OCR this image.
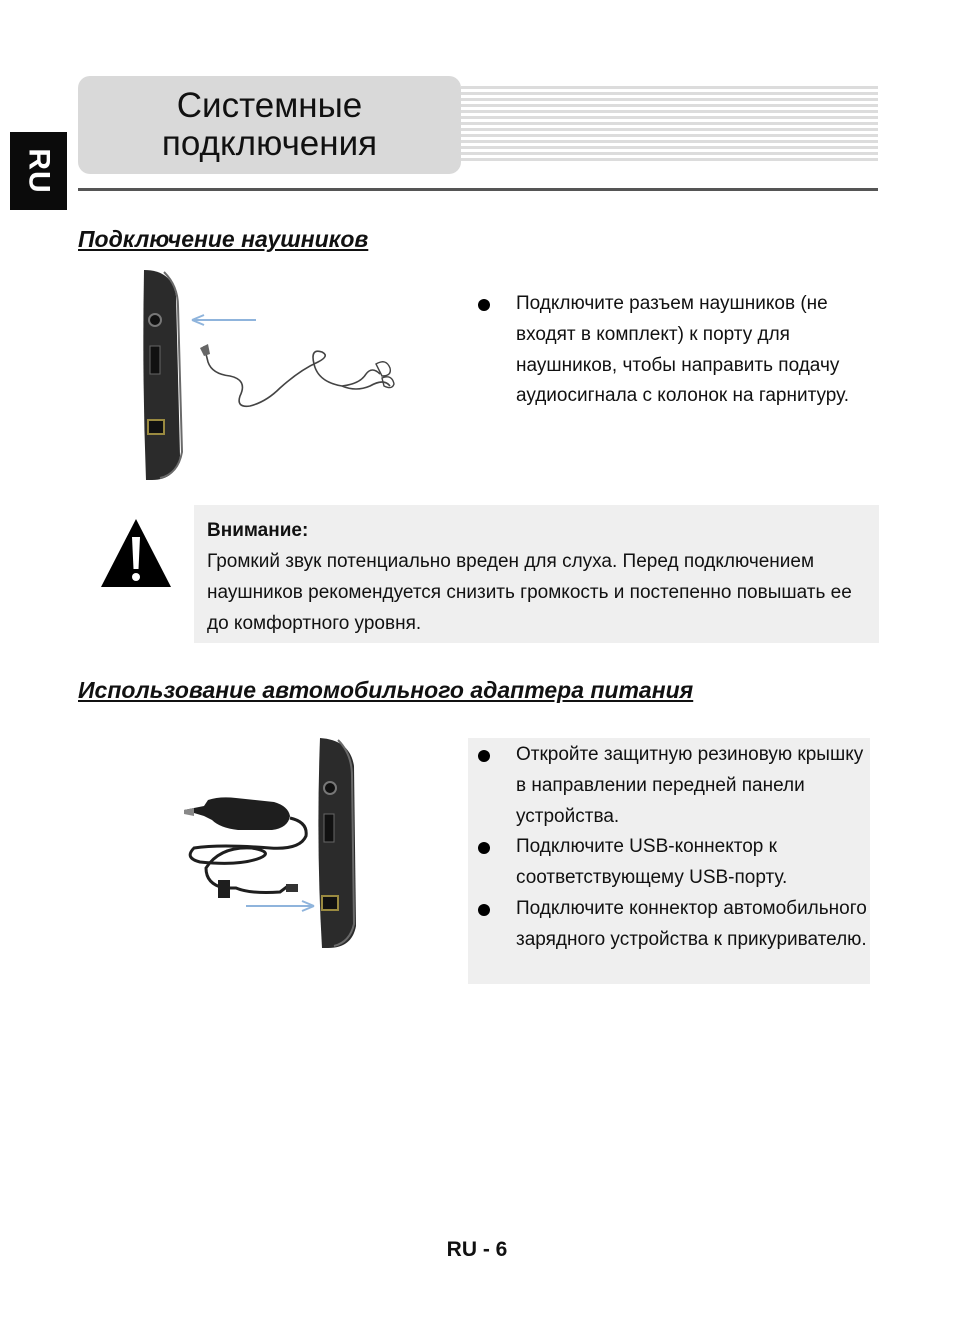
RU
Системные
подключения
Подключение наушников
Подключите разъем наушников (не входят в комплект) к порту для наушников, чтобы направить подачу аудиосигнала с колонок на гарнитуру.
Внимание:
Громкий звук потенциально вреден для слуха. Перед подключением наушников рекомендуется снизить громкость и постепенно повышать ее до комфортного уровня.
Использование автомобильного адаптера питания
Откройте защитную резиновую крышку в направлении передней панели устройства.
Подключите USB-коннектор к соответствующему USB-порту.
Подключите коннектор автомобильного зарядного устройства к прикуривателю.
RU - 6
